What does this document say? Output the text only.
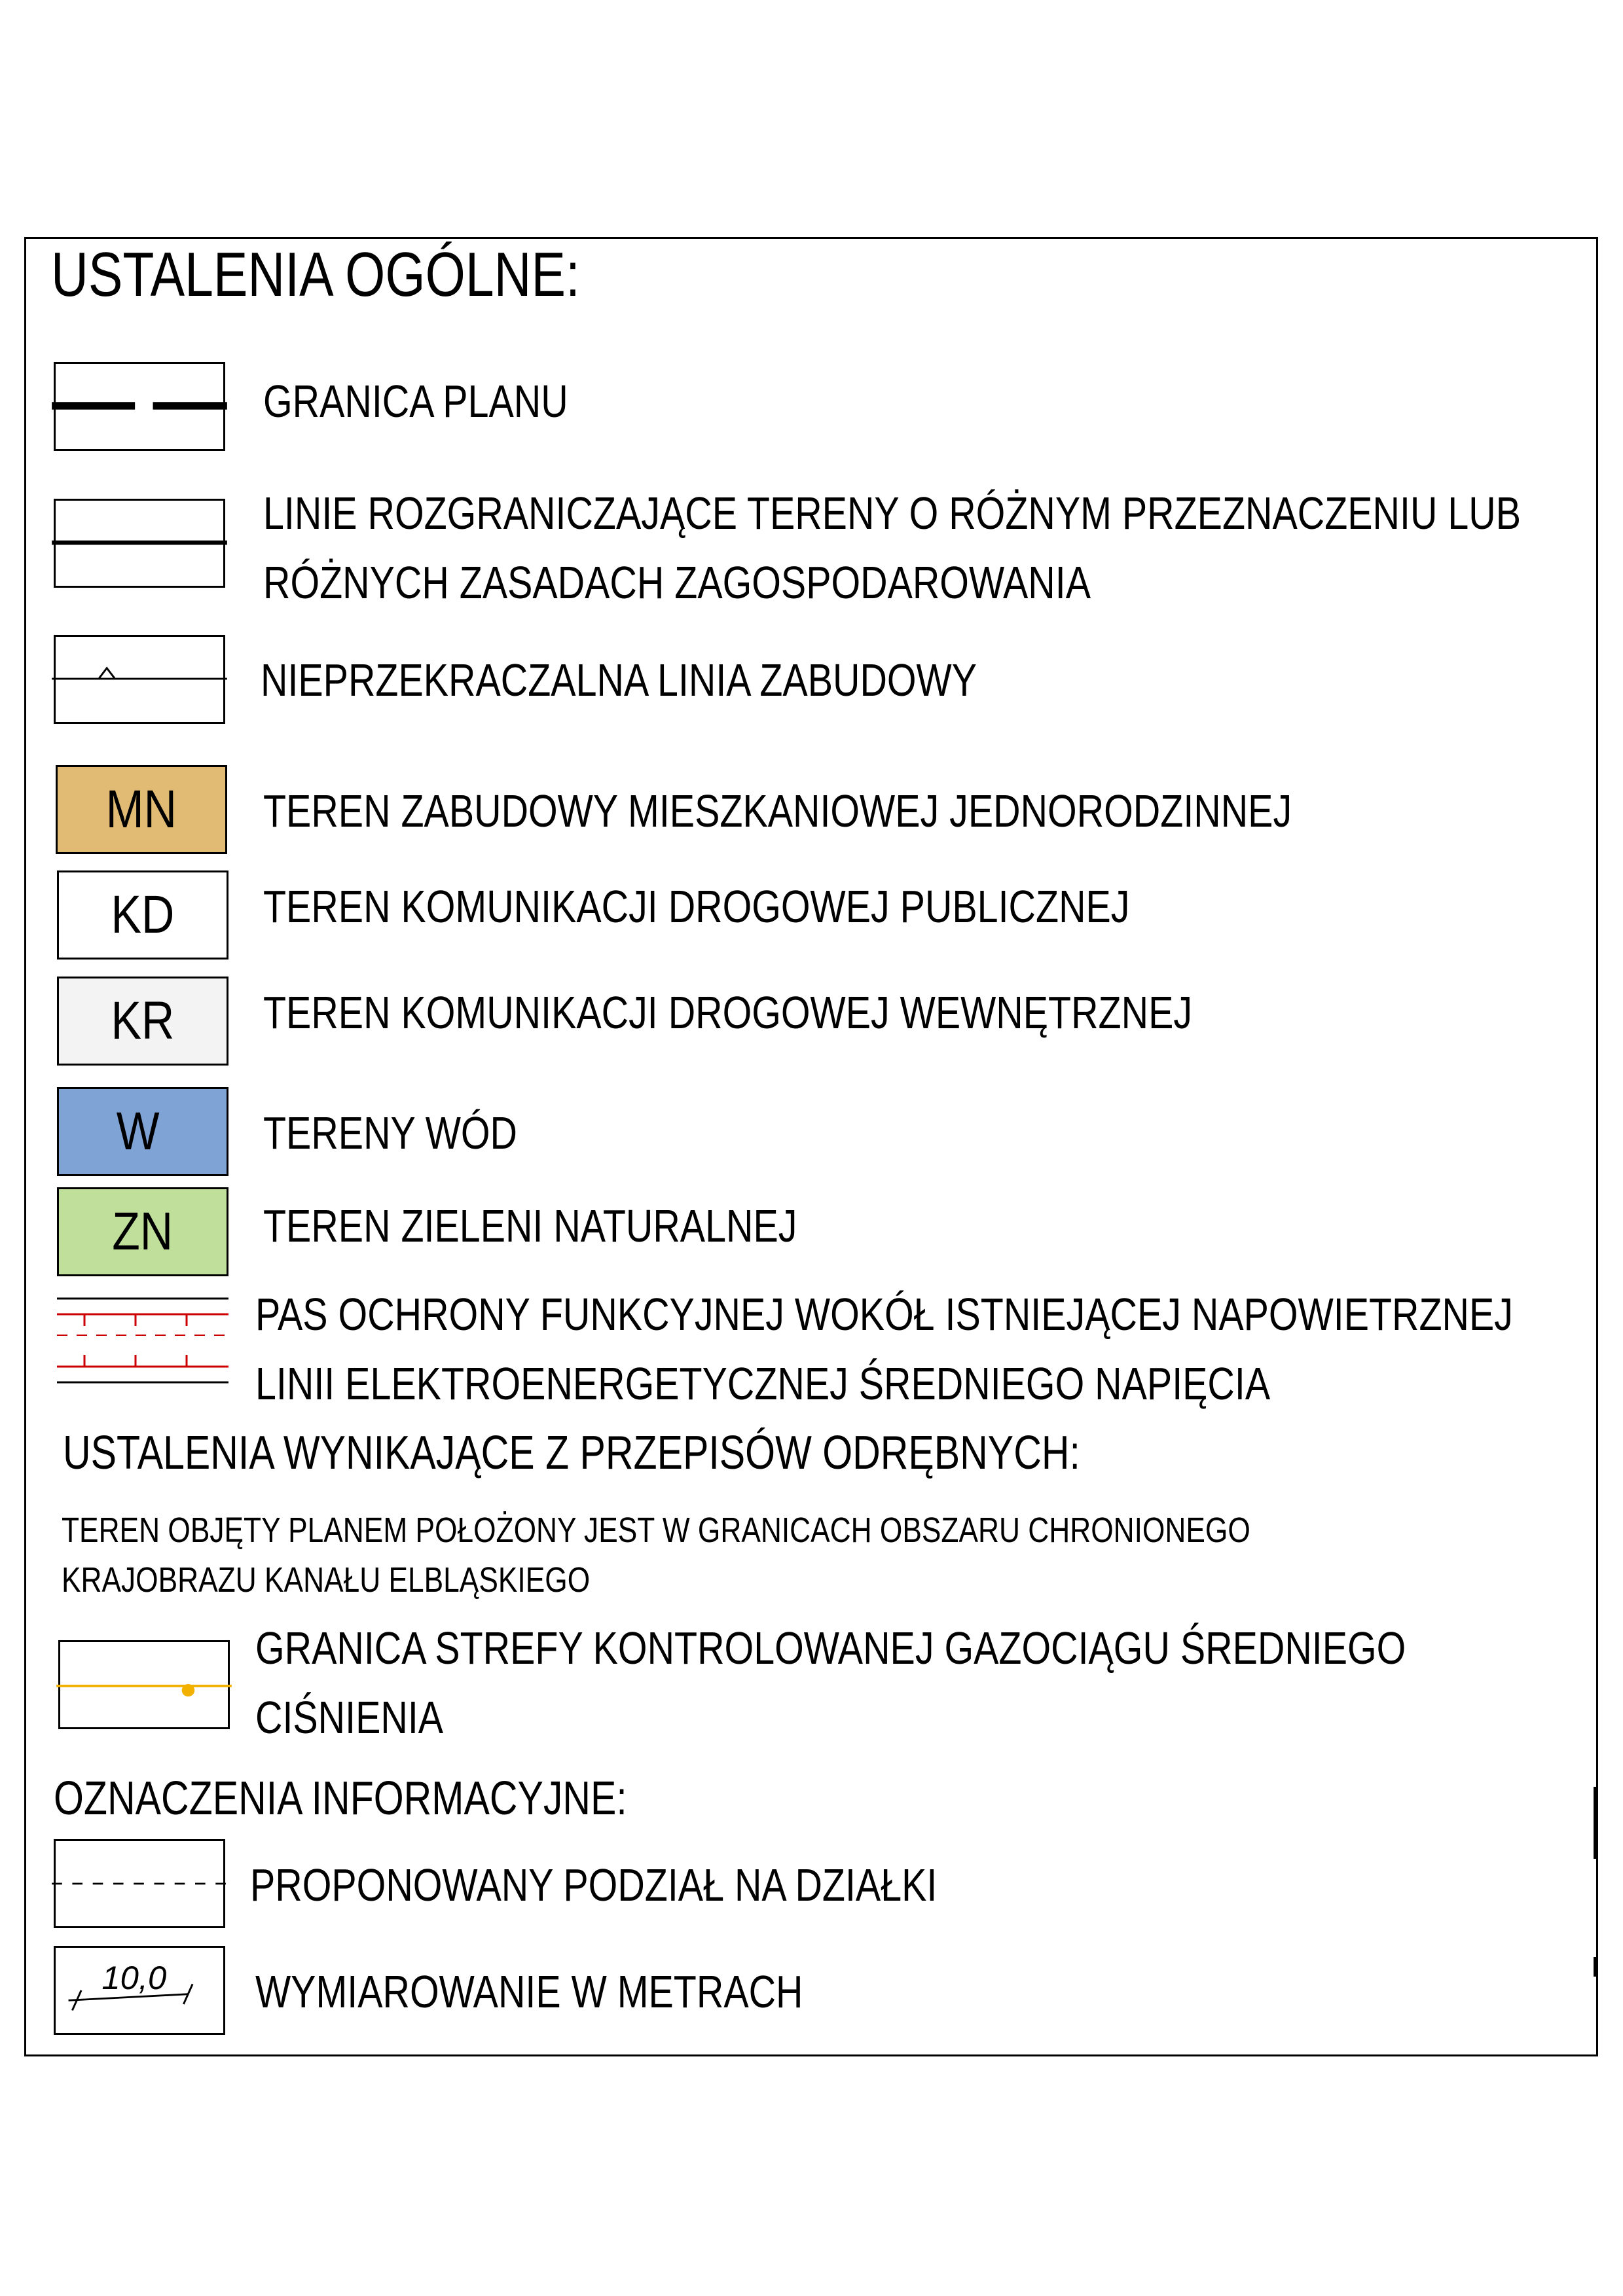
USTALENIA OGÓLNE:
GRANICA PLANU
LINIE ROZGRANICZAJĄCE TERENY O RÓŻNYM PRZEZNACZENIU LUB
RÓŻNYCH ZASADACH ZAGOSPODAROWANIA
NIEPRZEKRACZALNA LINIA ZABUDOWY
MN TEREN ZABUDOWY MIESZKANIOWEJ JEDNORODZINNEJ
KD TEREN KOMUNIKACJI DROGOWEJ PUBLICZNEJ
KR TEREN KOMUNIKACJI DROGOWEJ WEWNĘTRZNEJ
W TERENY WÓD
ZN TEREN ZIELENI NATURALNEJ
PAS OCHRONY FUNKCYJNEJ WOKÓŁ ISTNIEJĄCEJ NAPOWIETRZNEJ
LINII ELEKTROENERGETYCZNEJ ŚREDNIEGO NAPIĘCIA
USTALENIA WYNIKAJĄCE Z PRZEPISÓW ODRĘBNYCH:
TEREN OBJĘTY PLANEM POŁOŻONY JEST W GRANICACH OBSZARU CHRONIONEGO
KRAJOBRAZU KANAŁU ELBLĄSKIEGO
GRANICA STREFY KONTROLOWANEJ GAZOCIĄGU ŚREDNIEGO
CIŚNIENIA
OZNACZENIA INFORMACYJNE:
PROPONOWANY PODZIAŁ NA DZIAŁKI
10,0 WYMIAROWANIE W METRACH
